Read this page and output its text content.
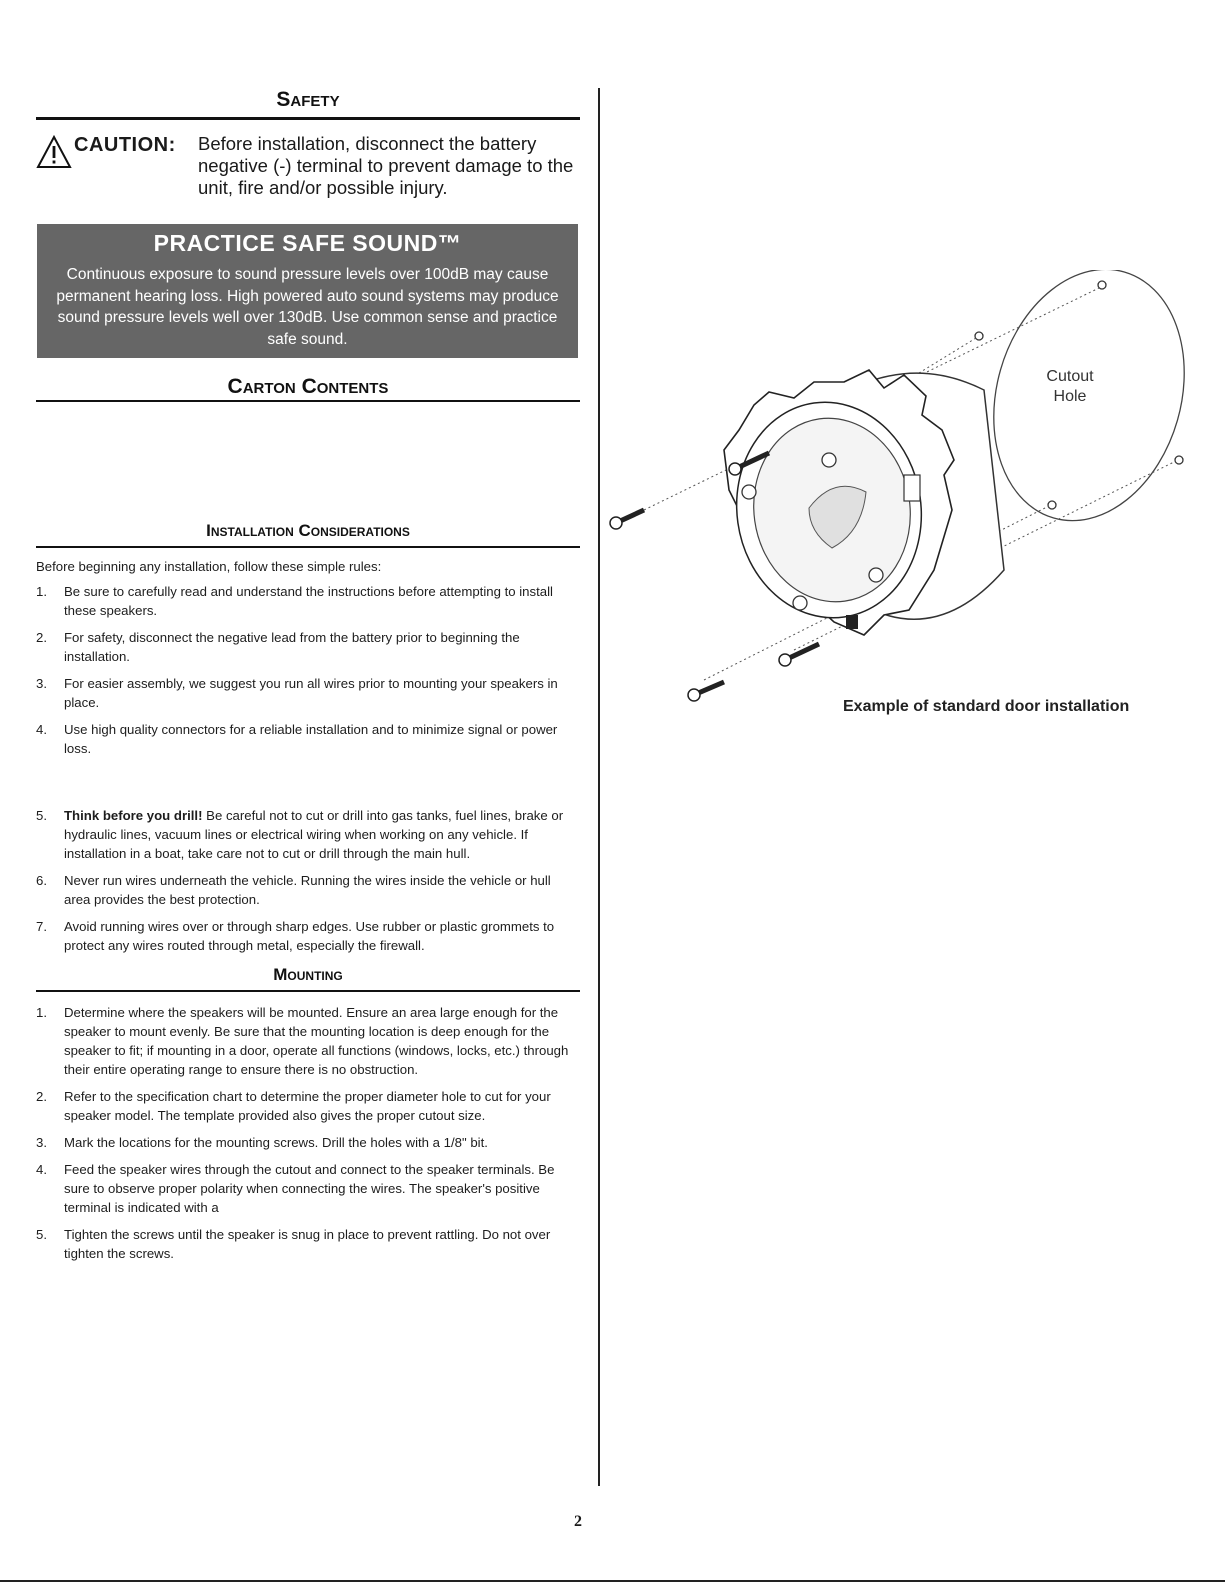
Safety
CAUTION: Before installation, disconnect the battery negative (-) terminal to prevent damage to the unit, fire and/or possible injury.
PRACTICE SAFE SOUND™
Continuous exposure to sound pressure levels over 100dB may cause permanent hearing loss. High powered auto sound systems may produce sound pressure levels well over 130dB. Use common sense and practice safe sound.
Carton Contents
Installation Considerations
Before beginning any installation, follow these simple rules:
1. Be sure to carefully read and understand the instructions before attempting to install these speakers.
2. For safety, disconnect the negative lead from the battery prior to beginning the installation.
3. For easier assembly, we suggest you run all wires prior to mounting your speakers in place.
4. Use high quality connectors for a reliable installation and to minimize signal or power loss.
5. Think before you drill! Be careful not to cut or drill into gas tanks, fuel lines, brake or hydraulic lines, vacuum lines or electrical wiring when working on any vehicle. If installation in a boat, take care not to cut or drill through the main hull.
6. Never run wires underneath the vehicle. Running the wires inside the vehicle or hull area provides the best protection.
7. Avoid running wires over or through sharp edges. Use rubber or plastic grommets to protect any wires routed through metal, especially the firewall.
Mounting
1. Determine where the speakers will be mounted. Ensure an area large enough for the speaker to mount evenly. Be sure that the mounting location is deep enough for the speaker to fit; if mounting in a door, operate all functions (windows, locks, etc.) through their entire operating range to ensure there is no obstruction.
2. Refer to the specification chart to determine the proper diameter hole to cut for your speaker model. The template provided also gives the proper cutout size.
3. Mark the locations for the mounting screws. Drill the holes with a 1/8" bit.
4. Feed the speaker wires through the cutout and connect to the speaker terminals. Be sure to observe proper polarity when connecting the wires. The speaker's positive terminal is indicated with a
5. Tighten the screws until the speaker is snug in place to prevent rattling. Do not over tighten the screws.
Cutout
Hole
Example of standard door installation
2
